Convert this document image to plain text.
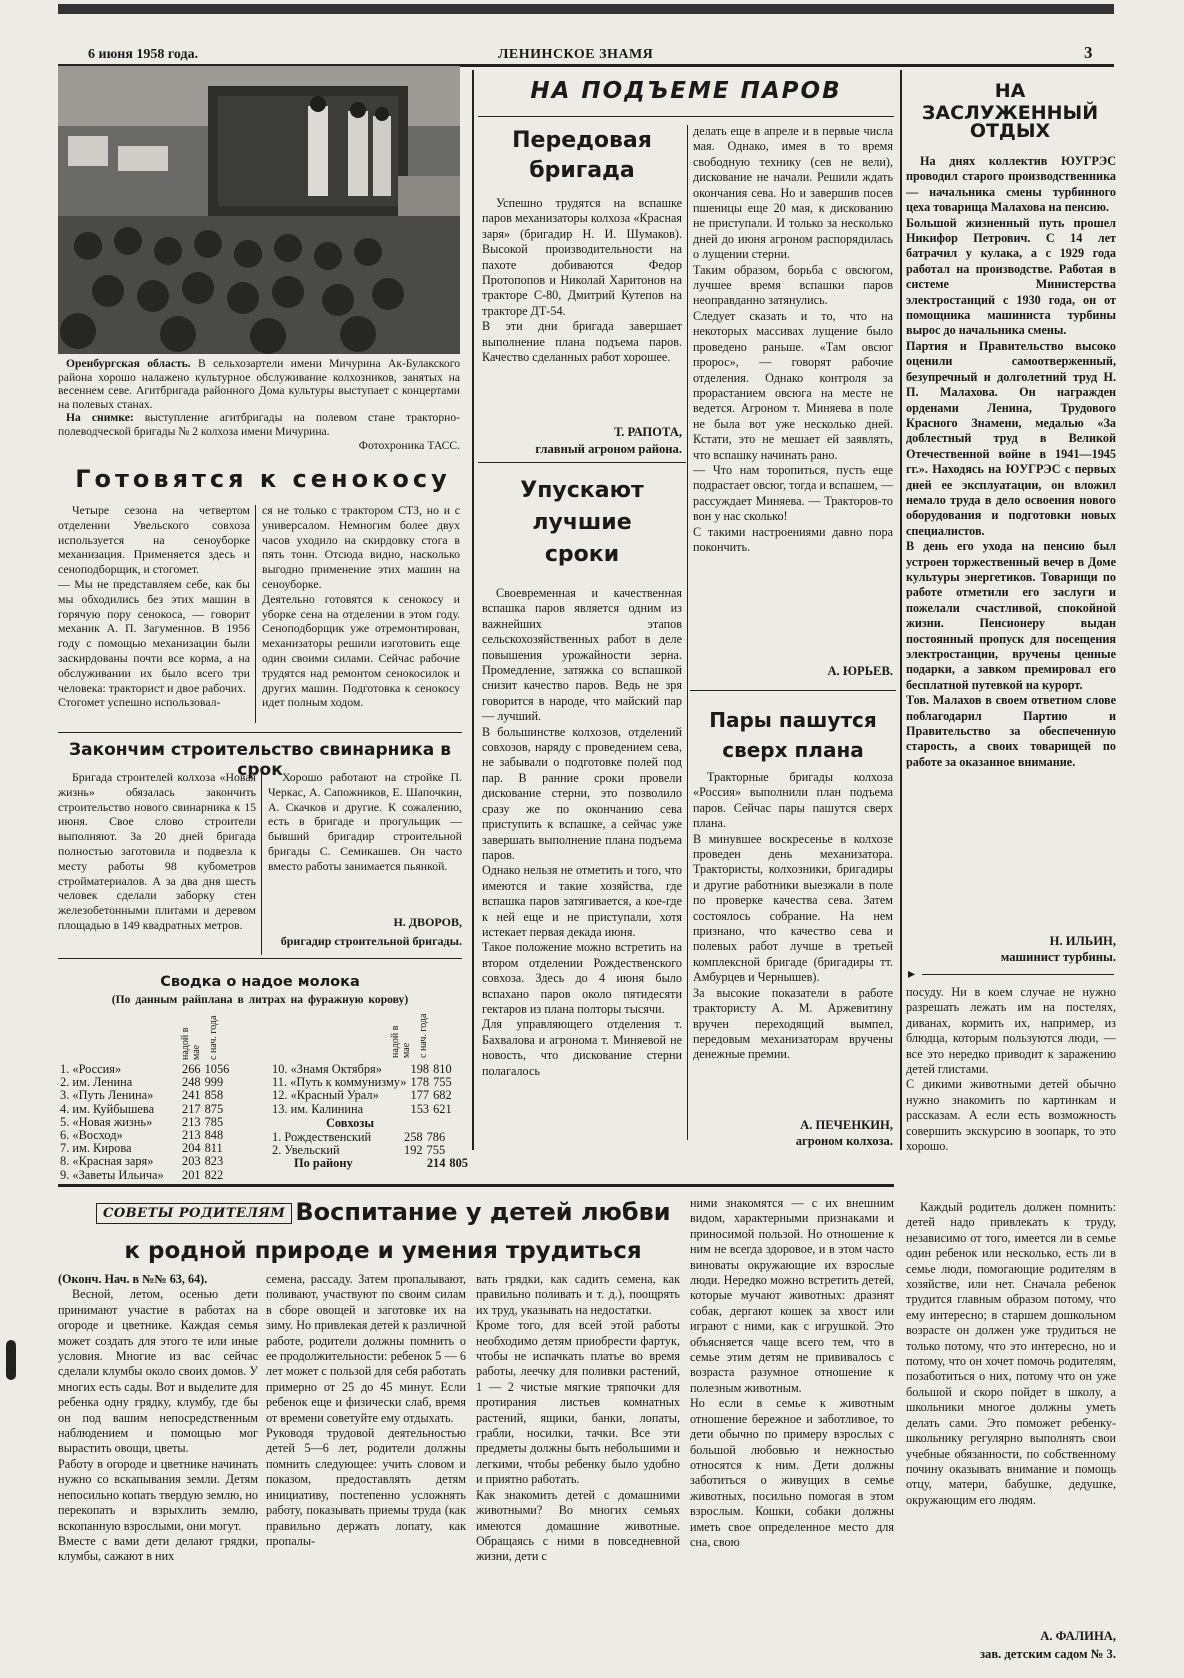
6 июня 1958 года.	ЛЕНИНСКОЕ ЗНАМЯ	3

Оренбургская область. В сельхозартели имени Мичурина Ак-Булакского района хорошо налажено культурное обслуживание колхозников, занятых на весеннем севе. Агитбригада районного Дома культуры выступает с концертами на полевых станах.

На снимке: выступление агитбригады на полевом стане тракторно-полеводческой бригады № 2 колхоза имени Мичурина.

Фотохроника ТАСС.
Готовятся к сенокосу
Четыре сезона на четвертом отделении Увельского совхоза используется на сеноуборке механизация. Применяется здесь и сеноподборщик, и стогомет.
— Мы не представляем себе, как бы мы обходились без этих машин в горячую пору сенокоса, — говорит механик А. П. Загуменнов. В 1956 году с помощью механизации были заскирдованы почти все корма, а на обслуживании их было всего три человека: тракторист и двое рабочих.
Стогомет успешно использовал-
ся не только с трактором СТЗ, но и с универсалом. Немногим более двух часов уходило на скирдовку стога в пять тонн. Отсюда видно, насколько выгодно применение этих машин на сеноуборке.
Деятельно готовятся к сенокосу и уборке сена на отделении в этом году. Сеноподборщик уже отремонтирован, механизаторы решили изготовить еще один своими силами. Сейчас рабочие трудятся над ремонтом сенокосилок и других машин. Подготовка к сенокосу идет полным ходом.
Закончим строительство свинарника в срок
Бригада строителей колхоза «Новая жизнь» обязалась закончить строительство нового свинарника к 15 июня. Свое слово строители выполняют. За 20 дней бригада полностью заготовила и подвезла к месту работы 98 кубометров стройматериалов. А за два дня шесть человек сделали заборку стен железобетонными плитами и деревом площадью в 149 квадратных метров.
Хорошо работают на стройке П. Черкас, А. Сапожников, Е. Шапочкин, А. Скачков и другие. К сожалению, есть в бригаде и прогульщик — бывший бригадир строительной бригады С. Семикашев. Он часто вместо работы занимается пьянкой.
Н. ДВОРОВ,
бригадир строительной бригады.
Сводка о надое молока
(По данным райплана в литрах на фуражную корову)
надой в мае с нач. года	надой в мае с нач. года
1. «Россия»	266	1056
2. им. Ленина	248	999
3. «Путь Ленина»	241	858
4. им. Куйбышева	217	875
5. «Новая жизнь»	213	785
6. «Восход»	213	848
7. им. Кирова	204	811
8. «Красная заря»	203	823
9. «Заветы Ильича»	201	822
10. «Знамя Октября»	198	810
11. «Путь к коммунизму»	178	755
12. «Красный Урал»	177	682
13. им. Калинина	153	621
Совхозы
1. Рождественский	258	786
2. Увельский	192	755
По району	214	805
НА ПОДЪЕМЕ ПАРОВ
Передовая
бригада
Успешно трудятся на вспашке паров механизаторы колхоза «Красная заря» (бригадир Н. И. Шумаков). Высокой производительности на пахоте добиваются Федор Протопопов и Николай Харитонов на тракторе С-80, Дмитрий Кутепов на тракторе ДТ-54.
В эти дни бригада завершает выполнение плана подъема паров. Качество сделанных работ хорошее.
Т. РАПОТА,
главный агроном района.
Упускают
лучшие
сроки
Своевременная и качественная вспашка паров является одним из важнейших этапов сельскохозяйственных работ в деле повышения урожайности зерна. Промедление, затяжка со вспашкой снизит качество паров. Ведь не зря говорится в народе, что майский пар — лучший.
В большинстве колхозов, отделений совхозов, наряду с проведением сева, не забывали о подготовке полей под пар. В ранние сроки провели дискование стерни, это позволило сразу же по окончанию сева приступить к вспашке, а сейчас уже завершать выполнение плана подъема паров.
Однако нельзя не отметить и того, что имеются и такие хозяйства, где вспашка паров затягивается, а кое-где к ней еще и не приступали, хотя истекает первая декада июня.
Такое положение можно встретить на втором отделении Рождественского совхоза. Здесь до 4 июня было вспахано паров около пятидесяти гектаров из плана полторы тысячи.
Для управляющего отделения т. Бахвалова и агронома т. Миняевой не новость, что дискование стерни полагалось
делать еще в апреле и в первые числа мая. Однако, имея в то время свободную технику (сев не вели), дискование не начали. Решили ждать окончания сева. Но и завершив посев пшеницы еще 20 мая, к дискованию не приступали. И только за несколько дней до июня агроном распорядилась о лущении стерни.
Таким образом, борьба с овсюгом, лучшее время вспашки паров неоправданно затянулись.
Следует сказать и то, что на некоторых массивах лущение было проведено раньше. «Там овсюг пророс», — говорят рабочие отделения. Однако контроля за прорастанием овсюга на месте не ведется. Агроном т. Миняева в поле не была вот уже несколько дней. Кстати, это не мешает ей заявлять, что вспашку начинать рано.
— Что нам торопиться, пусть еще подрастает овсюг, тогда и вспашем, — рассуждает Миняева. — Тракторов-то вон у нас сколько!
С такими настроениями давно пора покончить.
А. ЮРЬЕВ.
Пары пашутся
сверх плана
Тракторные бригады колхоза «Россия» выполнили план подъема паров. Сейчас пары пашутся сверх плана.
В минувшее воскресенье в колхозе проведен день механизатора. Трактористы, колхозники, бригадиры и другие работники выезжали в поле по проверке качества сева. Затем состоялось собрание. На нем признано, что качество сева и полевых работ лучше в третьей комплексной бригаде (бригадиры тт. Амбурцев и Чернышев).
За высокие показатели в работе трактористу А. М. Аржевитину вручен переходящий вымпел, передовым механизаторам вручены денежные премии.
А. ПЕЧЕНКИН,
агроном колхоза.
НА ЗАСЛУЖЕННЫЙ
ОТДЫХ
На днях коллектив ЮУГРЭС проводил старого производственника — начальника смены турбинного цеха товарища Малахова на пенсию.
Большой жизненный путь прошел Никифор Петрович. С 14 лет батрачил у кулака, а с 1929 года работал на производстве. Работая в системе Министерства электростанций с 1930 года, он от помощника машиниста турбины вырос до начальника смены.
Партия и Правительство высоко оценили самоотверженный, безупречный и долголетний труд Н. П. Малахова. Он награжден орденами Ленина, Трудового Красного Знамени, медалью «За доблестный труд в Великой Отечественной войне в 1941—1945 гг.». Находясь на ЮУГРЭС с первых дней ее эксплуатации, он вложил немало труда в дело освоения нового оборудования и подготовки новых специалистов.
В день его ухода на пенсию был устроен торжественный вечер в Доме культуры энергетиков. Товарищи по работе отметили его заслуги и пожелали счастливой, спокойной жизни. Пенсионеру выдан постоянный пропуск для посещения электростанции, вручены ценные подарки, а завком премировал его бесплатной путевкой на курорт.
Тов. Малахов в своем ответном слове поблагодарил Партию и Правительство за обеспеченную старость, а своих товарищей по работе за оказанное внимание.
Н. ИЛЬИН,
машинист турбины.
▸
посуду. Ни в коем случае не нужно разрешать лежать им на постелях, диванах, кормить их, например, из блюдца, которым пользуются люди, — все это нередко приводит к заражению детей глистами.
С дикими животными детей обычно нужно знакомить по картинкам и рассказам. А если есть возможность совершить экскурсию в зоопарк, то это хорошо.
СОВЕТЫ РОДИТЕЛЯМ Воспитание у детей любви
к родной природе и умения трудиться
(Оконч. Нач. в №№ 63, 64).
Весной, летом, осенью дети принимают участие в работах на огороде и цветнике. Каждая семья может создать для этого те или иные условия. Многие из вас сейчас сделали клумбы около своих домов. У многих есть сады. Вот и выделите для ребенка одну грядку, клумбу, где бы он под вашим непосредственным наблюдением и помощью мог вырастить овощи, цветы.
Работу в огороде и цветнике начинать нужно со вскапывания земли. Детям непосильно копать твердую землю, но перекопать и взрыхлить землю, вскопанную взрослыми, они могут.
Вместе с вами дети делают грядки, клумбы, сажают в них
семена, рассаду. Затем пропалывают, поливают, участвуют по своим силам в сборе овощей и заготовке их на зиму. Но привлекая детей к различной работе, родители должны помнить о ее продолжительности: ребенок 5 — 6 лет может с пользой для себя работать примерно от 25 до 45 минут. Если ребенок еще и физически слаб, время от времени советуйте ему отдыхать.
Руководя трудовой деятельностью детей 5—6 лет, родители должны помнить следующее: учить словом и показом, предоставлять детям инициативу, постепенно усложнять работу, показывать приемы труда (как правильно держать лопату, как пропалы-
вать грядки, как садить семена, как правильно поливать и т. д.), поощрять их труд, указывать на недостатки.
Кроме того, для всей этой работы необходимо детям приобрести фартук, чтобы не испачкать платье во время работы, леечку для поливки растений, 1 — 2 чистые мягкие тряпочки для протирания листьев комнатных растений, ящики, банки, лопаты, грабли, носилки, тачки. Все эти предметы должны быть небольшими и легкими, чтобы ребенку было удобно и приятно работать.
Как знакомить детей с домашними животными? Во многих семьях имеются домашние животные. Обращаясь с ними в повседневной жизни, дети с
ними знакомятся — с их внешним видом, характерными признаками и приносимой пользой. Но отношение к ним не всегда здоровое, и в этом часто виноваты окружающие их взрослые люди. Нередко можно встретить детей, которые мучают животных: дразнят собак, дергают кошек за хвост или играют с ними, как с игрушкой. Это объясняется чаще всего тем, что в семье этим детям не прививалось с возраста разумное отношение к полезным животным.
Но если в семье к животным отношение бережное и заботливое, то дети обычно по примеру взрослых с большой любовью и нежностью относятся к ним. Дети должны заботиться о живущих в семье животных, посильно помогая в этом взрослым. Кошки, собаки должны иметь свое определенное место для сна, свою
Каждый родитель должен помнить: детей надо привлекать к труду, независимо от того, имеется ли в семье один ребенок или несколько, есть ли в семье люди, помогающие родителям в хозяйстве, или нет. Сначала ребенок трудится главным образом потому, что ему интересно; в старшем дошкольном возрасте он должен уже трудиться не только потому, что это интересно, но и потому, что он хочет помочь родителям, позаботиться о них, потому что он уже большой и скоро пойдет в школу, а школьники многое должны уметь делать сами. Это поможет ребенку-школьнику регулярно выполнять свои учебные обязанности, по собственному почину оказывать внимание и помощь отцу, матери, бабушке, дедушке, окружающим его людям.
А. ФАЛИНА,
зав. детским садом № 3.
